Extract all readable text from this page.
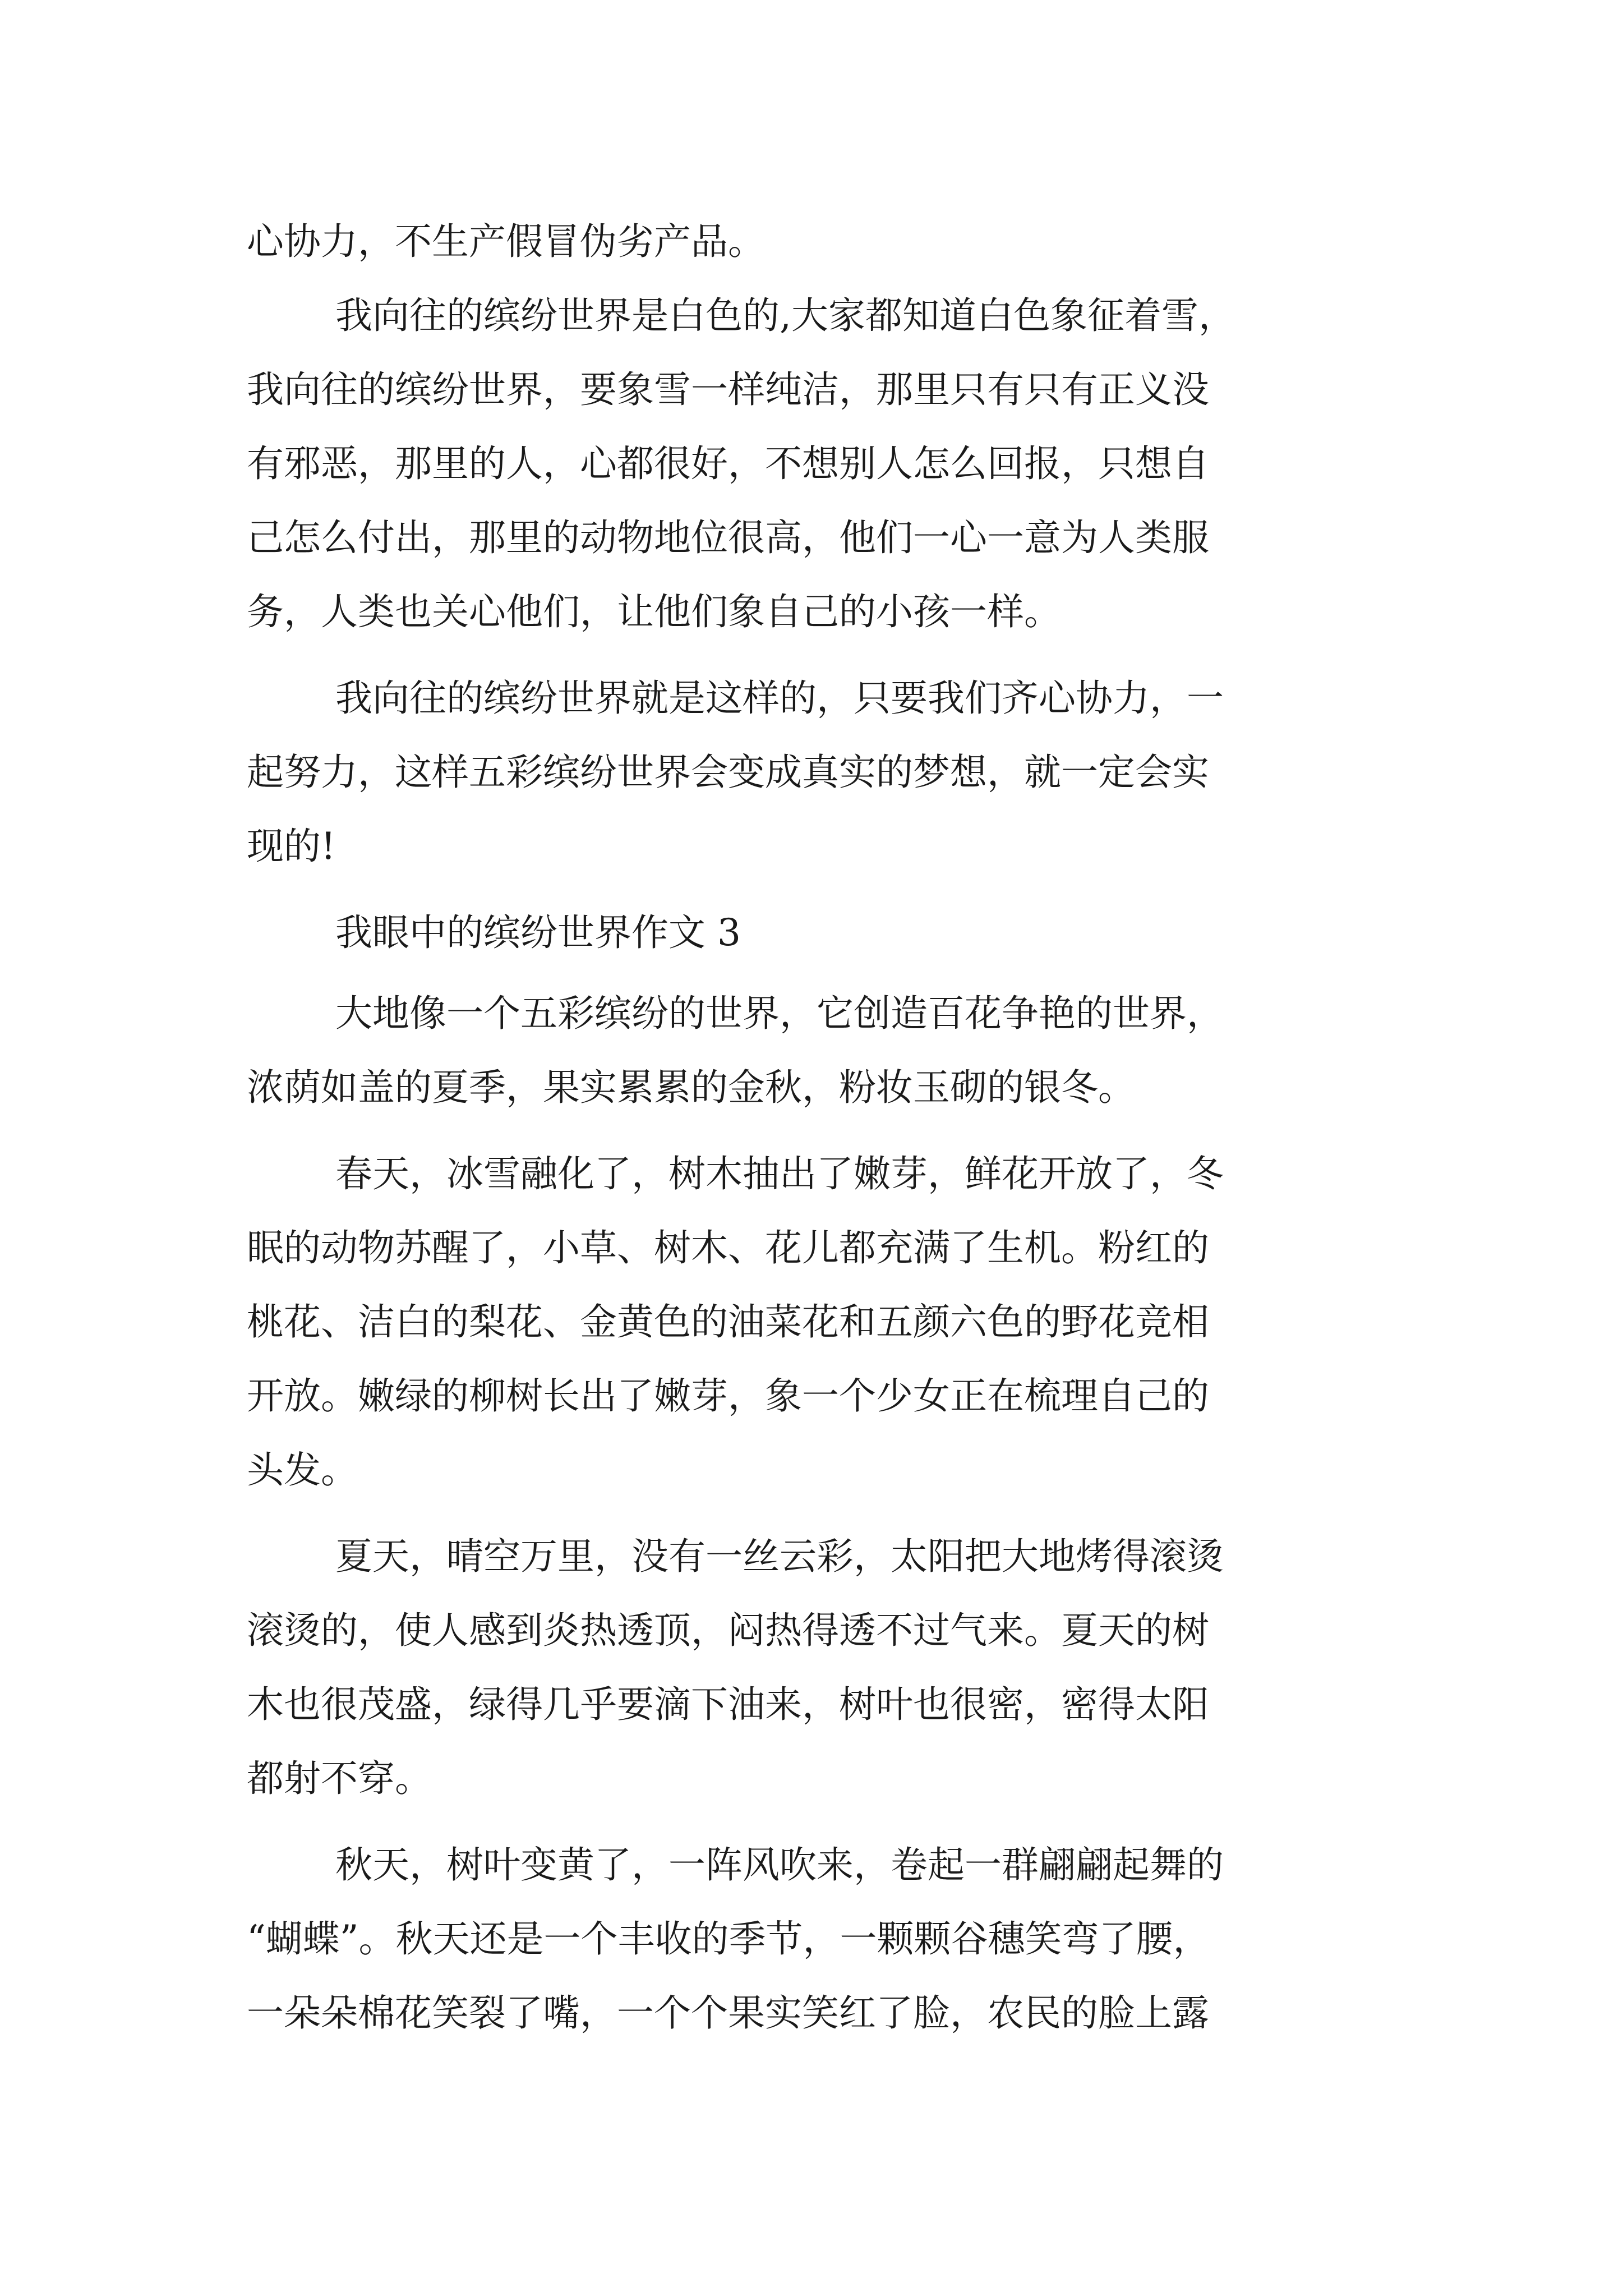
心协力，不生产假冒伪劣产品。

我向往的缤纷世界是白色的,大家都知道白色象征着雪，

我向往的缤纷世界，要象雪一样纯洁，那里只有只有正义没

有邪恶，那里的人，心都很好，不想别人怎么回报，只想自

己怎么付出，那里的动物地位很高，他们一心一意为人类服

务，人类也关心他们，让他们象自己的小孩一样。

我向往的缤纷世界就是这样的，只要我们齐心协力，一

起努力，这样五彩缤纷世界会变成真实的梦想，就一定会实

现的!

我眼中的缤纷世界作文 3

大地像一个五彩缤纷的世界，它创造百花争艳的世界，

浓荫如盖的夏季，果实累累的金秋，粉妆玉砌的银冬。

春天，冰雪融化了，树木抽出了嫩芽，鲜花开放了，冬

眠的动物苏醒了，小草、树木、花儿都充满了生机。粉红的

桃花、洁白的梨花、金黄色的油菜花和五颜六色的野花竞相

开放。嫩绿的柳树长出了嫩芽，象一个少女正在梳理自己的

头发。

夏天，晴空万里，没有一丝云彩，太阳把大地烤得滚烫

滚烫的，使人感到炎热透顶，闷热得透不过气来。夏天的树

木也很茂盛，绿得几乎要滴下油来，树叶也很密，密得太阳

都射不穿。

秋天，树叶变黄了，一阵风吹来，卷起一群翩翩起舞的

“蝴蝶”。秋天还是一个丰收的季节，一颗颗谷穗笑弯了腰，

一朵朵棉花笑裂了嘴，一个个果实笑红了脸，农民的脸上露
